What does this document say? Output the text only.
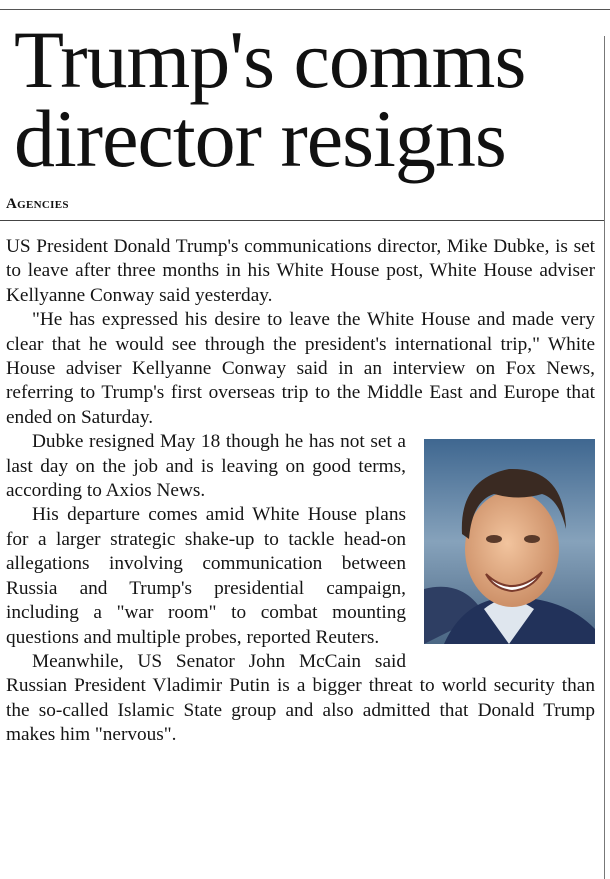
Trump's comms director resigns
Agencies

US President Donald Trump's communications director, Mike Dubke, is set to leave after three months in his White House post, White House adviser Kellyanne Conway said yesterday.

"He has expressed his desire to leave the White House and made very clear that he would see through the president's international trip," White House adviser Kellyanne Conway said in an interview on Fox News, referring to Trump's first overseas trip to the Middle East and Europe that ended on Saturday.

Dubke resigned May 18 though he has not set a last day on the job and is leaving on good terms, according to Axios News.

His departure comes amid White House plans for a larger strategic shake-up to tackle head-on allegations involving communication between Russia and Trump's presidential campaign, including a "war room" to combat mounting questions and multiple probes, reported Reuters.

Meanwhile, US Senator John McCain said Russian President Vladimir Putin is a bigger threat to world security than the so-called Islamic State group and also admitted that Donald Trump makes him "nervous".
